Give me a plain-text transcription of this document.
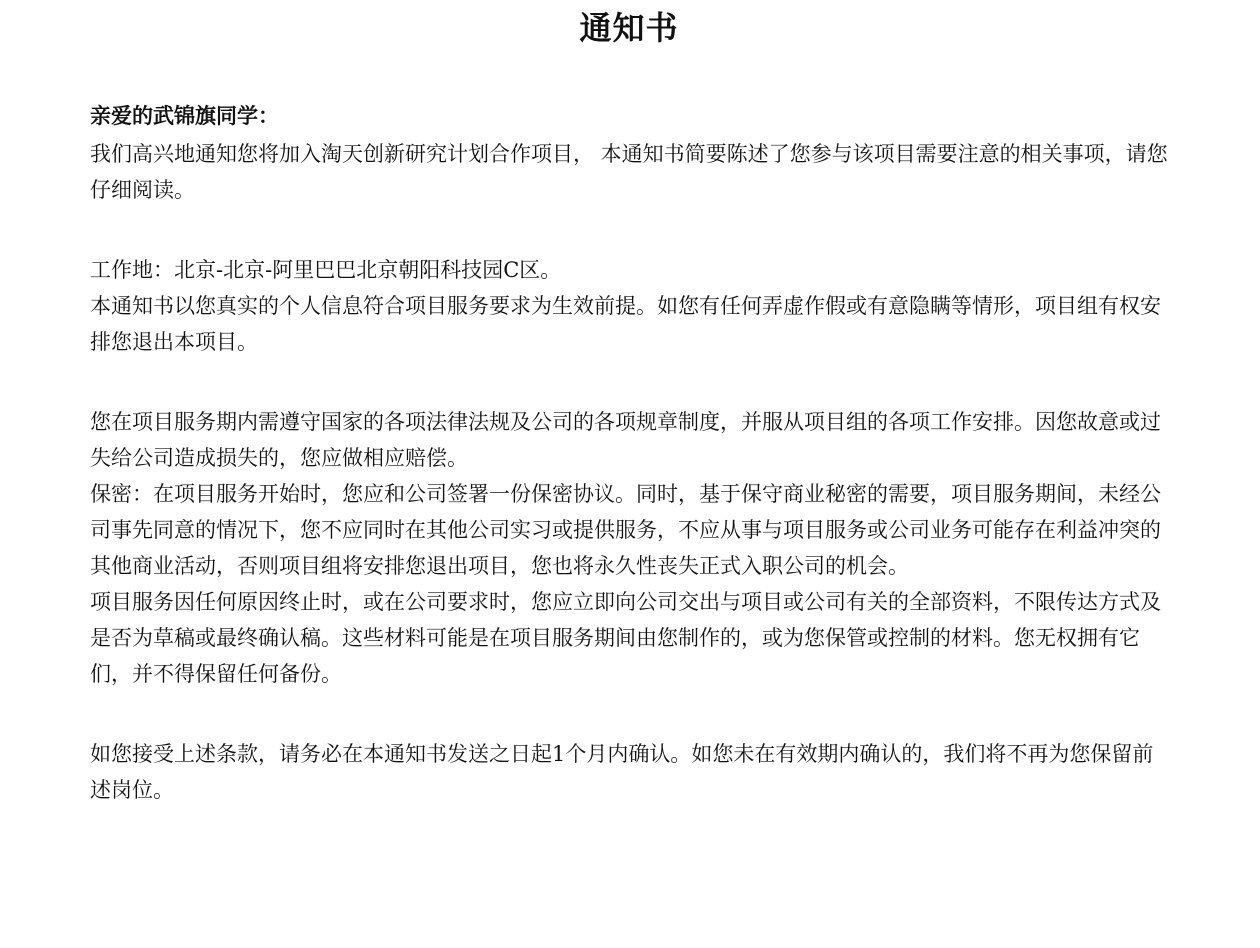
通知书

亲爱的武锦旗同学：

我们高兴地通知您将加入淘天创新研究计划合作项目， 本通知书简要陈述了您参与该项目需要注意的相关事项，请您仔细阅读。

工作地：北京-北京-阿里巴巴北京朝阳科技园C区。

本通知书以您真实的个人信息符合项目服务要求为生效前提。如您有任何弄虚作假或有意隐瞒等情形，项目组有权安排您退出本项目。

您在项目服务期内需遵守国家的各项法律法规及公司的各项规章制度，并服从项目组的各项工作安排。因您故意或过失给公司造成损失的，您应做相应赔偿。

保密：在项目服务开始时，您应和公司签署一份保密协议。同时，基于保守商业秘密的需要，项目服务期间，未经公司事先同意的情况下，您不应同时在其他公司实习或提供服务，不应从事与项目服务或公司业务可能存在利益冲突的其他商业活动，否则项目组将安排您退出项目，您也将永久性丧失正式入职公司的机会。

项目服务因任何原因终止时，或在公司要求时，您应立即向公司交出与项目或公司有关的全部资料，不限传达方式及是否为草稿或最终确认稿。这些材料可能是在项目服务期间由您制作的，或为您保管或控制的材料。您无权拥有它们，并不得保留任何备份。

如您接受上述条款，请务必在本通知书发送之日起1个月内确认。如您未在有效期内确认的，我们将不再为您保留前述岗位。
